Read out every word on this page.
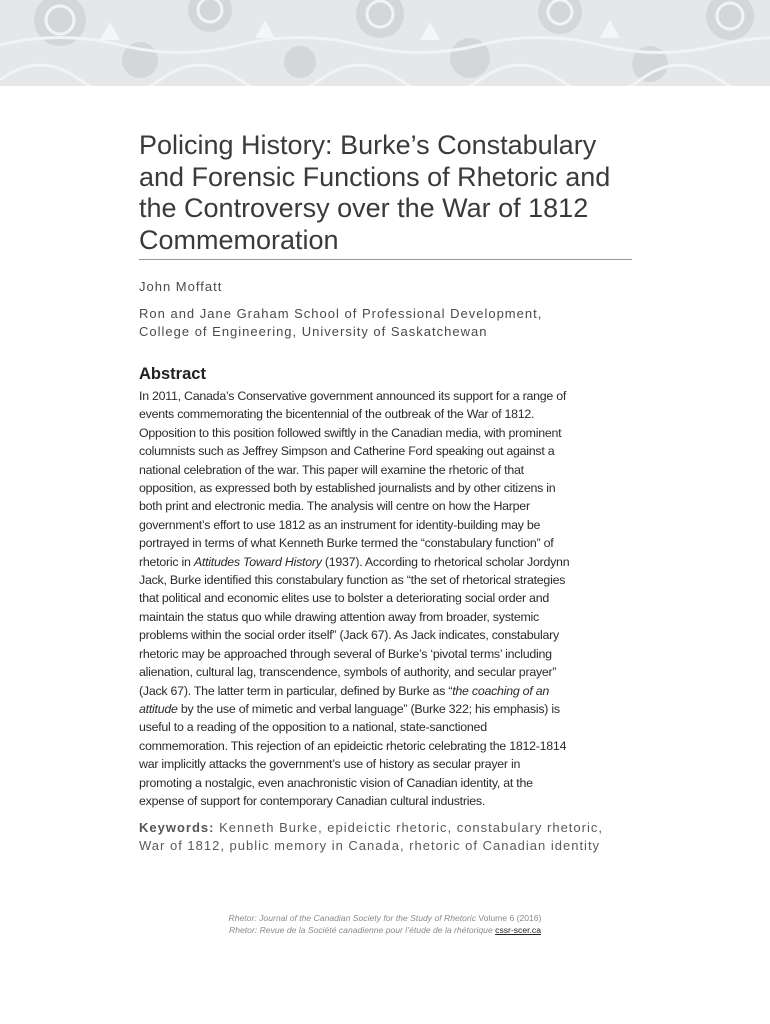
Policing History: Burke’s Constabulary and Forensic Functions of Rhetoric and the Controversy over the War of 1812 Commemoration
John Moffatt
Ron and Jane Graham School of Professional Development,
College of Engineering, University of Saskatchewan
Abstract
In 2011, Canada’s Conservative government announced its support for a range of
events commemorating the bicentennial of the outbreak of the War of 1812.
Opposition to this position followed swiftly in the Canadian media, with prominent
columnists such as Jeffrey Simpson and Catherine Ford speaking out against a
national celebration of the war. This paper will examine the rhetoric of that
opposition, as expressed both by established journalists and by other citizens in
both print and electronic media. The analysis will centre on how the Harper
government’s effort to use 1812 as an instrument for identity-building may be
portrayed in terms of what Kenneth Burke termed the “constabulary function” of
rhetoric in Attitudes Toward History (1937). According to rhetorical scholar Jordynn
Jack, Burke identified this constabulary function as “the set of rhetorical strategies
that political and economic elites use to bolster a deteriorating social order and
maintain the status quo while drawing attention away from broader, systemic
problems within the social order itself” (Jack 67). As Jack indicates, constabulary
rhetoric may be approached through several of Burke’s ‘pivotal terms’ including
alienation, cultural lag, transcendence, symbols of authority, and secular prayer”
(Jack 67). The latter term in particular, defined by Burke as “the coaching of an
attitude by the use of mimetic and verbal language” (Burke 322; his emphasis) is
useful to a reading of the opposition to a national, state-sanctioned
commemoration. This rejection of an epideictic rhetoric celebrating the 1812-1814
war implicitly attacks the government’s use of history as secular prayer in
promoting a nostalgic, even anachronistic vision of Canadian identity, at the
expense of support for contemporary Canadian cultural industries.
Keywords: Kenneth Burke, epideictic rhetoric, constabulary rhetoric, War of 1812, public memory in Canada, rhetoric of Canadian identity
Rhetor: Journal of the Canadian Society for the Study of Rhetoric Volume 6 (2016)
Rhetor: Revue de la Société canadienne pour l’étude de la rhétorique cssr-scer.ca
